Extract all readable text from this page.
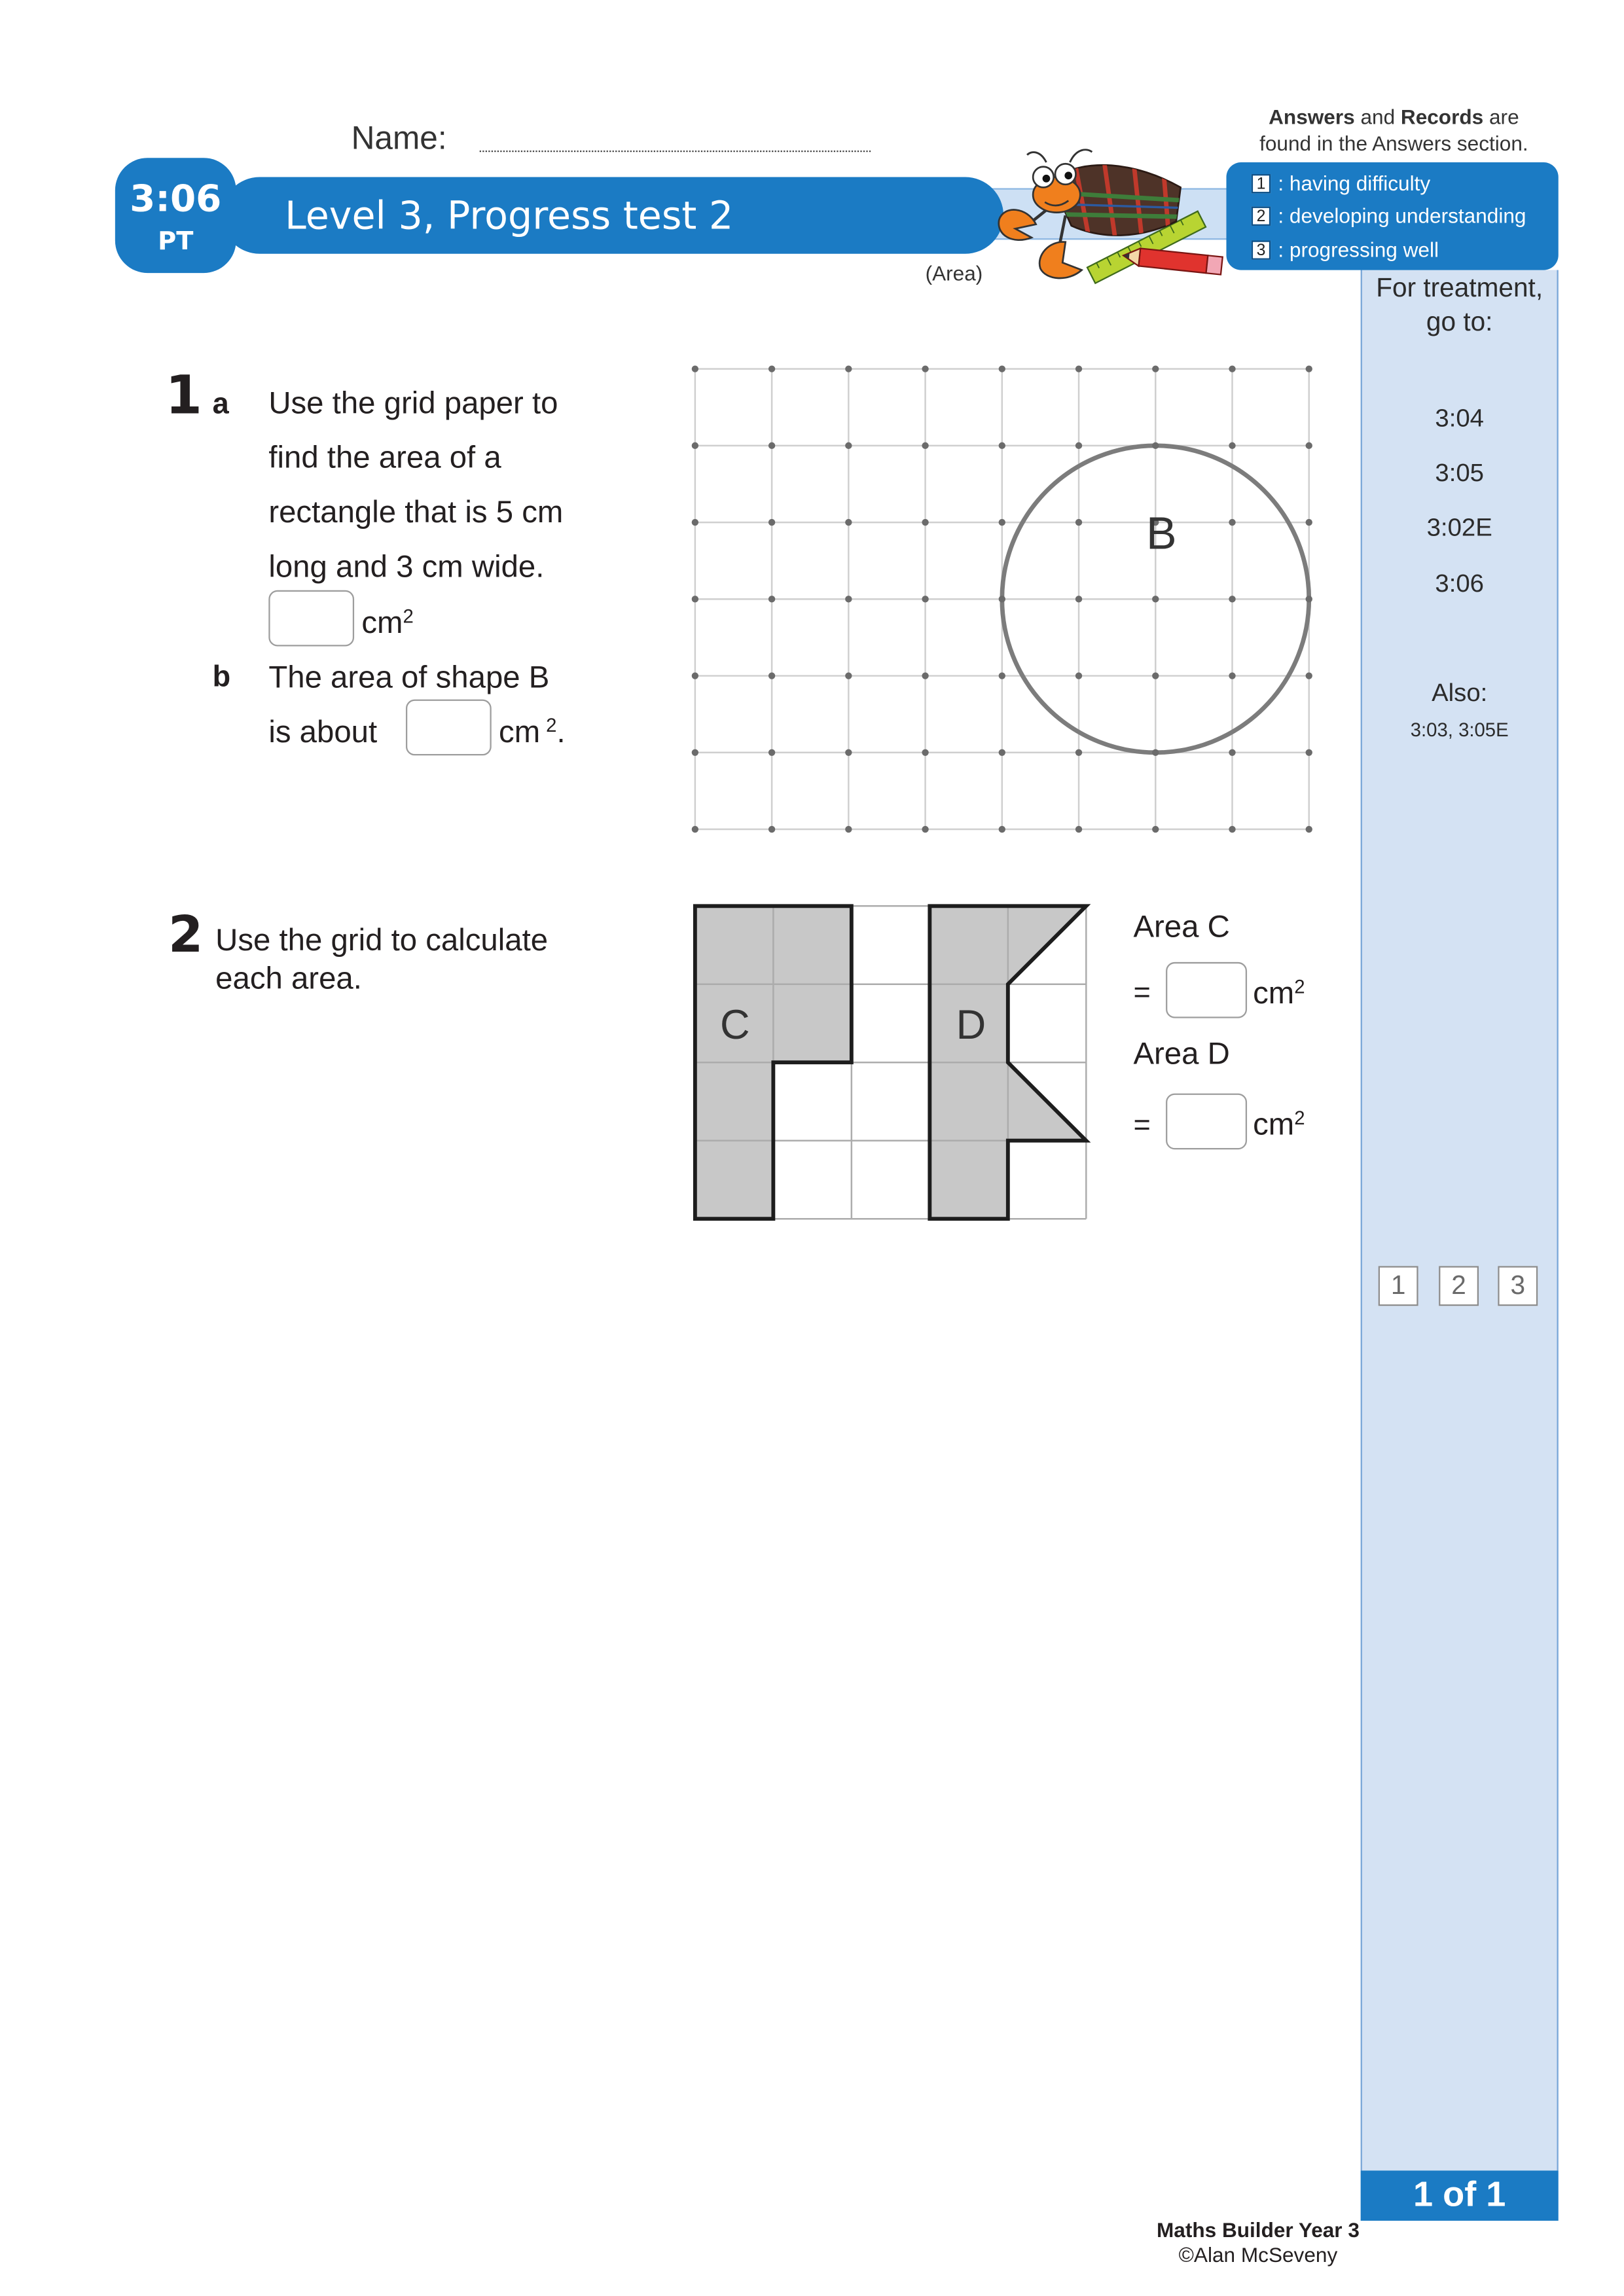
B
C	D
Name:
Answers and Records are
found in the Answers section.
3:06
PT
Level 3, Progress test 2
(Area)
1	: having difficulty
2	: developing understanding
3	: progressing well
For treatment,
go to:
3:04
3:05
3:02E
3:06
Also:
3:03, 3:05E
1	2	3
1 of 1
1 a	Use the grid paper to
find the area of a
rectangle that is 5 cm
long and 3 cm wide.
$cm^2$
b	The area of shape B
is about	cm $^2$.
2 Use the grid to calculate
each area.
Area C
=	$cm^2$
Area D
=	$cm^2$
Maths Builder Year 3
©Alan McSeveny
